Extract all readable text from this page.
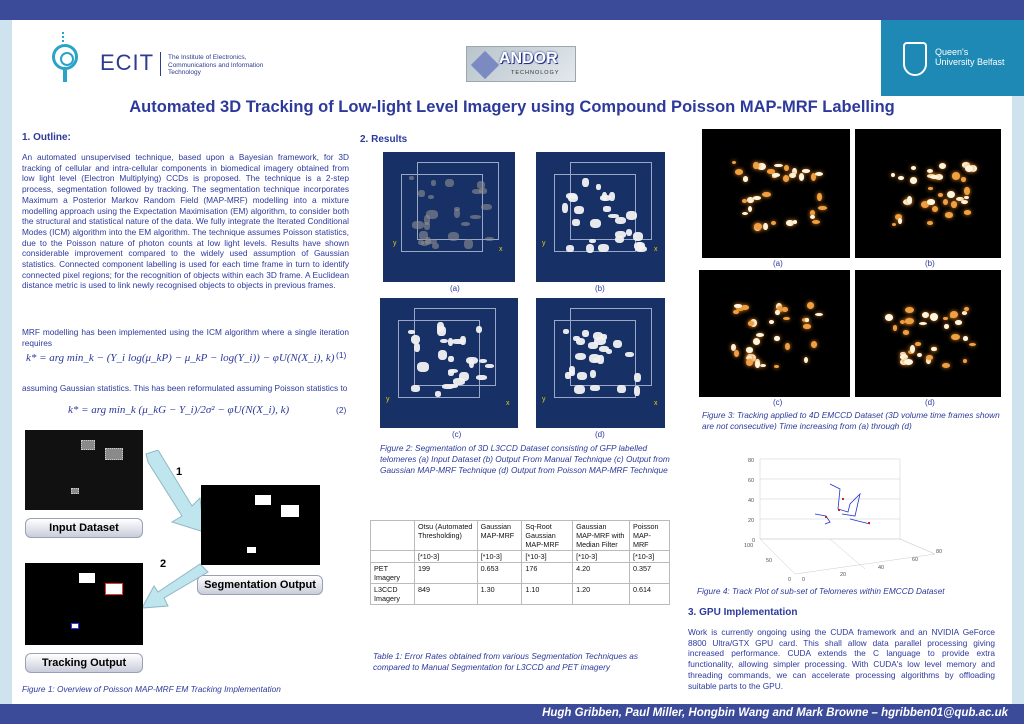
ECIT The Institute of Electronics, Communications and Information Technology
ANDOR
TECHNOLOGY
Queen's University Belfast
Automated 3D Tracking of Low-light Level Imagery using Compound Poisson MAP-MRF Labelling
1. Outline:
An automated unsupervised technique, based upon a Bayesian framework, for 3D tracking of cellular and intra-cellular components in biomedical imagery obtained from low light level (Electron Multiplying) CCDs is proposed. The technique is a 2-step process, segmentation followed by tracking. The segmentation technique incorporates Maximum a Posterior Markov Random Field (MAP-MRF) modelling into a mixture modelling approach using the Expectation Maximisation (EM) algorithm, to consider both the structural and statistical nature of the data. We fully integrate the Iterated Conditional Modes (ICM) algorithm into the EM algorithm. The technique assumes Poisson statistics, due to the Poisson nature of photon counts at low light levels. Results have shown considerable improvement compared to the widely used assumption of Gaussian statistics. Connected component labelling is used for each time frame in turn to identify connected pixel regions; for the recognition of objects within each 3D frame. A Euclidean distance metric is used to link newly recognised objects to objects in previous frames.
MRF modelling has been implemented using the ICM algorithm where a single iteration requires
k* = arg min_k − (Y_i log(μ_kP) − μ_kP − log(Y_i)) − φU(N(X_i), k) (1)
assuming Gaussian statistics. This has been reformulated assuming Poisson statistics to
k* = arg min_k (μ_kG − Y_i)/2σ² − φU(N(X_i), k)	(2)
Input Dataset
1
Segmentation Output
2
Tracking Output
Figure 1: Overview of Poisson MAP-MRF EM Tracking Implementation
2. Results
y
x
y
x
(a)	(b)
y
x
y
x
(c)	(d)
Figure 2: Segmentation of 3D L3CCD Dataset consisting of GFP labelled telomeres (a) Input Dataset (b) Output From Manual Technique (c) Output from Gaussian MAP-MRF Technique (d) Output from Poisson MAP-MRF Technique
	Otsu (Automated Thresholding)	Gaussian MAP-MRF	Sq-Root Gaussian MAP-MRF	Gaussian MAP-MRF with Median Filter	Poisson MAP-MRF
	[*10-3]	[*10-3]	[*10-3]	[*10-3]	[*10-3]
PET Imagery	199	0.653	176	4.20	0.357
L3CCD Imagery	849	1.30	1.10	1.20	0.614
Table 1: Error Rates obtained from various Segmentation Techniques as compared to Manual Segmentation for L3CCD and PET imagery
(a)	(b)
(c)	(d)
Figure 3: Tracking applied to 4D EMCCD Dataset (3D volume time frames shown are not consecutive) Time increasing from (a) through (d)
80
60
40
20
0
100
50
0 0
20
40
60
80
Figure 4: Track Plot of sub-set of Telomeres within EMCCD Dataset
3. GPU Implementation
Work is currently ongoing using the CUDA framework and an NVIDIA GeForce 8800 Ultra/GTX GPU card. This shall allow data parallel processing giving increased performance. CUDA extends the C language to provide extra functionality, allowing simpler processing. With CUDA's low level memory and threading commands, we can accelerate processing algorithms by offloading suitable parts to the GPU.
Hugh Gribben, Paul Miller, Hongbin Wang and Mark Browne – hgribben01@qub.ac.uk
